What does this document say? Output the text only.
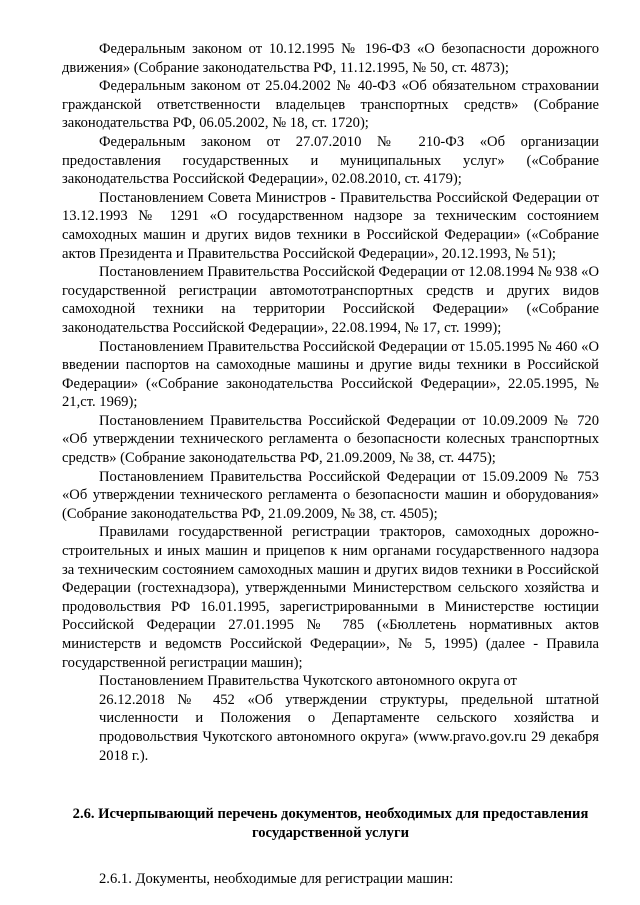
Федеральным законом от 10.12.1995 № 196-ФЗ «О безопасности дорожного движения» (Собрание законодательства РФ, 11.12.1995, № 50, ст. 4873);

Федеральным законом от 25.04.2002 № 40-ФЗ «Об обязательном страховании гражданской ответственности владельцев транспортных средств» (Собрание законодательства РФ, 06.05.2002, № 18, ст. 1720);

Федеральным законом от 27.07.2010 № 210-ФЗ «Об организации предоставления государственных и муниципальных услуг» («Собрание законодательства Российской Федерации», 02.08.2010, ст. 4179);

Постановлением Совета Министров - Правительства Российской Федерации от 13.12.1993 № 1291 «О государственном надзоре за техническим состоянием самоходных машин и других видов техники в Российской Федерации» («Собрание актов Президента и Правительства Российской Федерации», 20.12.1993, № 51);

Постановлением Правительства Российской Федерации от 12.08.1994 № 938 «О государственной регистрации автомототранспортных средств и других видов самоходной техники на территории Российской Федерации» («Собрание законодательства Российской Федерации», 22.08.1994, № 17, ст. 1999);

Постановлением Правительства Российской Федерации от 15.05.1995 № 460 «О введении паспортов на самоходные машины и другие виды техники в Российской Федерации» («Собрание законодательства Российской Федерации», 22.05.1995, № 21,ст. 1969);

Постановлением Правительства Российской Федерации от 10.09.2009 № 720 «Об утверждении технического регламента о безопасности колесных транспортных средств» (Собрание законодательства РФ, 21.09.2009, № 38, ст. 4475);

Постановлением Правительства Российской Федерации от 15.09.2009 № 753 «Об утверждении технического регламента о безопасности машин и оборудования» (Собрание законодательства РФ, 21.09.2009, № 38, ст. 4505);

Правилами государственной регистрации тракторов, самоходных дорожно-строительных и иных машин и прицепов к ним органами государственного надзора за техническим состоянием самоходных машин и других видов техники в Российской Федерации (гостехнадзора), утвержденными Министерством сельского хозяйства и продовольствия РФ 16.01.1995, зарегистрированными в Министерстве юстиции Российской Федерации 27.01.1995 № 785 («Бюллетень нормативных актов министерств и ведомств Российской Федерации», № 5, 1995) (далее - Правила государственной регистрации машин);

Постановлением Правительства Чукотского автономного округа от

26.12.2018 № 452 «Об утверждении структуры, предельной штатной численности и Положения о Департаменте сельского хозяйства и продовольствия Чукотского автономного округа» (www.pravo.gov.ru 29 декабря 2018 г.).

2.6. Исчерпывающий перечень документов, необходимых для предоставления государственной услуги

2.6.1. Документы, необходимые для регистрации машин:
